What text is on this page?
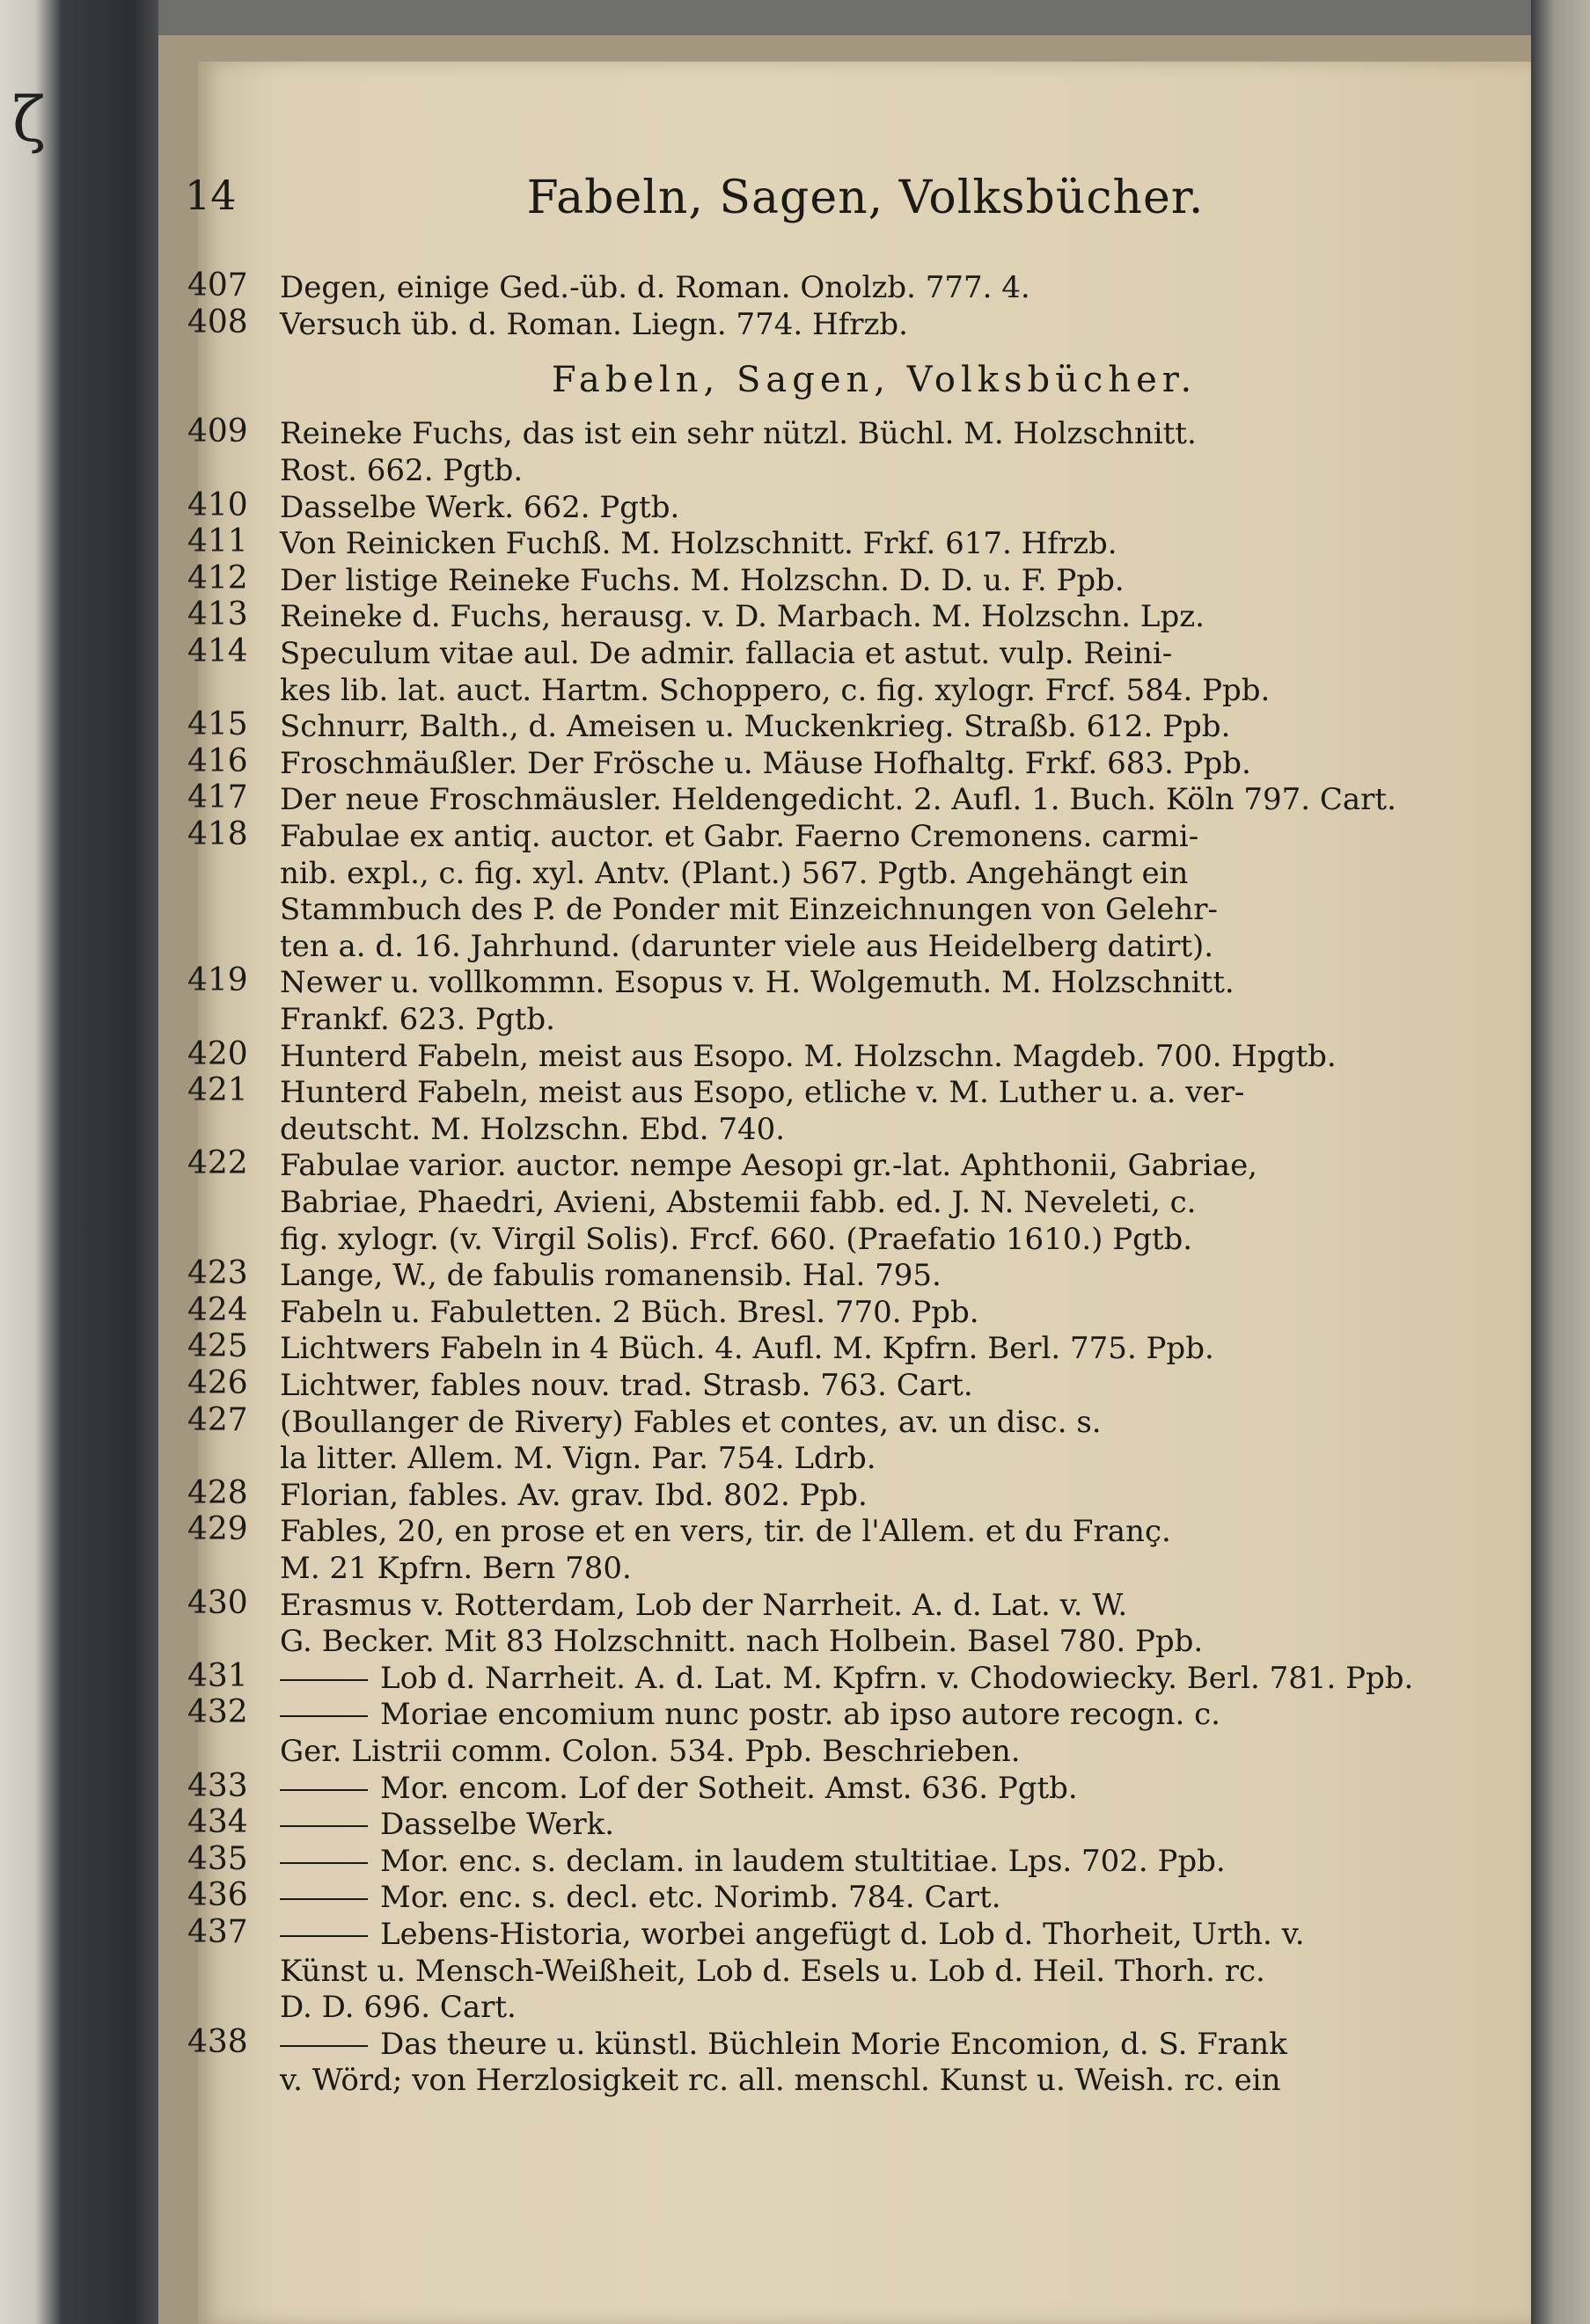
ζ
14	Fabeln, Sagen, Volksbücher.
407	Degen, einige Ged.-üb. d. Roman. Onolzb. 777. 4.
408	Versuch üb. d. Roman. Liegn. 774. Hfrzb.
Fabeln, Sagen, Volksbücher.
409	Reineke Fuchs, das ist ein sehr nützl. Büchl. M. Holzschnitt.
Rost. 662. Pgtb.
410	Dasselbe Werk. 662. Pgtb.
411	Von Reinicken Fuchß. M. Holzschnitt. Frkf. 617. Hfrzb.
412	Der listige Reineke Fuchs. M. Holzschn. D. D. u. F. Ppb.
413	Reineke d. Fuchs, herausg. v. D. Marbach. M. Holzschn. Lpz.
414	Speculum vitae aul. De admir. fallacia et astut. vulp. Reini-
kes lib. lat. auct. Hartm. Schoppero, c. fig. xylogr. Frcf. 584. Ppb.
415	Schnurr, Balth., d. Ameisen u. Muckenkrieg. Straßb. 612. Ppb.
416	Froschmäußler. Der Frösche u. Mäuse Hofhaltg. Frkf. 683. Ppb.
417	Der neue Froschmäusler. Heldengedicht. 2. Aufl. 1. Buch. Köln 797. Cart.
418	Fabulae ex antiq. auctor. et Gabr. Faerno Cremonens. carmi-
nib. expl., c. fig. xyl. Antv. (Plant.) 567. Pgtb. Angehängt ein
Stammbuch des P. de Ponder mit Einzeichnungen von Gelehr-
ten a. d. 16. Jahrhund. (darunter viele aus Heidelberg datirt).
419	Newer u. vollkommn. Esopus v. H. Wolgemuth. M. Holzschnitt.
Frankf. 623. Pgtb.
420	Hunterd Fabeln, meist aus Esopo. M. Holzschn. Magdeb. 700. Hpgtb.
421	Hunterd Fabeln, meist aus Esopo, etliche v. M. Luther u. a. ver-
deutscht. M. Holzschn. Ebd. 740.
422	Fabulae varior. auctor. nempe Aesopi gr.-lat. Aphthonii, Gabriae,
Babriae, Phaedri, Avieni, Abstemii fabb. ed. J. N. Neveleti, c.
fig. xylogr. (v. Virgil Solis). Frcf. 660. (Praefatio 1610.) Pgtb.
423	Lange, W., de fabulis romanensib. Hal. 795.
424	Fabeln u. Fabuletten. 2 Büch. Bresl. 770. Ppb.
425	Lichtwers Fabeln in 4 Büch. 4. Aufl. M. Kpfrn. Berl. 775. Ppb.
426	Lichtwer, fables nouv. trad. Strasb. 763. Cart.
427	(Boullanger de Rivery) Fables et contes, av. un disc. s.
la litter. Allem. M. Vign. Par. 754. Ldrb.
428	Florian, fables. Av. grav. Ibd. 802. Ppb.
429	Fables, 20, en prose et en vers, tir. de l'Allem. et du Franç.
M. 21 Kpfrn. Bern 780.
430	Erasmus v. Rotterdam, Lob der Narrheit. A. d. Lat. v. W.
G. Becker. Mit 83 Holzschnitt. nach Holbein. Basel 780. Ppb.
431	Lob d. Narrheit. A. d. Lat. M. Kpfrn. v. Chodowiecky. Berl. 781. Ppb.
432	Moriae encomium nunc postr. ab ipso autore recogn. c.
Ger. Listrii comm. Colon. 534. Ppb. Beschrieben.
433	Mor. encom. Lof der Sotheit. Amst. 636. Pgtb.
434	Dasselbe Werk.
435	Mor. enc. s. declam. in laudem stultitiae. Lps. 702. Ppb.
436	Mor. enc. s. decl. etc. Norimb. 784. Cart.
437	Lebens-Historia, worbei angefügt d. Lob d. Thorheit, Urth. v.
Künst u. Mensch-Weißheit, Lob d. Esels u. Lob d. Heil. Thorh. rc.
D. D. 696. Cart.
438	Das theure u. künstl. Büchlein Morie Encomion, d. S. Frank
v. Wörd; von Herzlosigkeit rc. all. menschl. Kunst u. Weish. rc. ein
